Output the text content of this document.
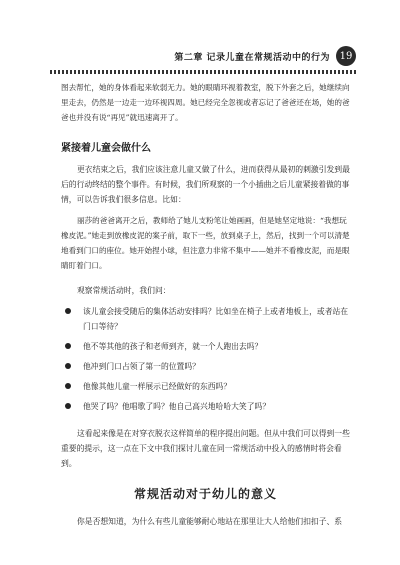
第二章 记录儿童在常规活动中的行为 19

图去帮忙，她的身体看起来软弱无力。她的眼睛环视着教室，脱下外套之后，她继续向里走去，仍然是一边走一边环视四周。她已经完全忽视或者忘记了爸爸还在场，她的爸爸也并没有说“再见”就迅速离开了。

紧接着儿童会做什么

更衣结束之后，我们应该注意儿童又做了什么，进而获得从最初的刺激引发到最后的行动终结的整个事件。有时候，我们所观察的一个小插曲之后儿童紧接着做的事情，可以告诉我们很多信息。比如：

丽莎的爸爸离开之后，教师给了她儿支粉笔让她画画，但是她坚定地说：“我想玩橡皮泥。”她走到放橡皮泥的案子前，取下一些，放到桌子上，然后，找到一个可以清楚地看到门口的座位。她开始捏小球，但注意力非常不集中——她并不看橡皮泥，而是眼睛盯着门口。

观察常规活动时，我们问：

该儿童会接受随后的集体活动安排吗？比如坐在椅子上或者地板上，或者站在门口等待？
他不等其他的孩子和老师到齐，就一个人跑出去吗？
他冲到门口占领了第一的位置吗？
他像其他儿童一样展示已经做好的东西吗？
他哭了吗？他唱歌了吗？他自己高兴地哈哈大笑了吗？

这看起来像是在对穿衣脱衣这样简单的程序提出问题。但从中我们可以得到一些重要的提示，这一点在下文中我们探讨儿童在同一常规活动中投入的感情时将会看到。

常规活动对于幼儿的意义

你是否想知道，为什么有些儿童能够耐心地站在那里让大人给他们扣扣子、系
